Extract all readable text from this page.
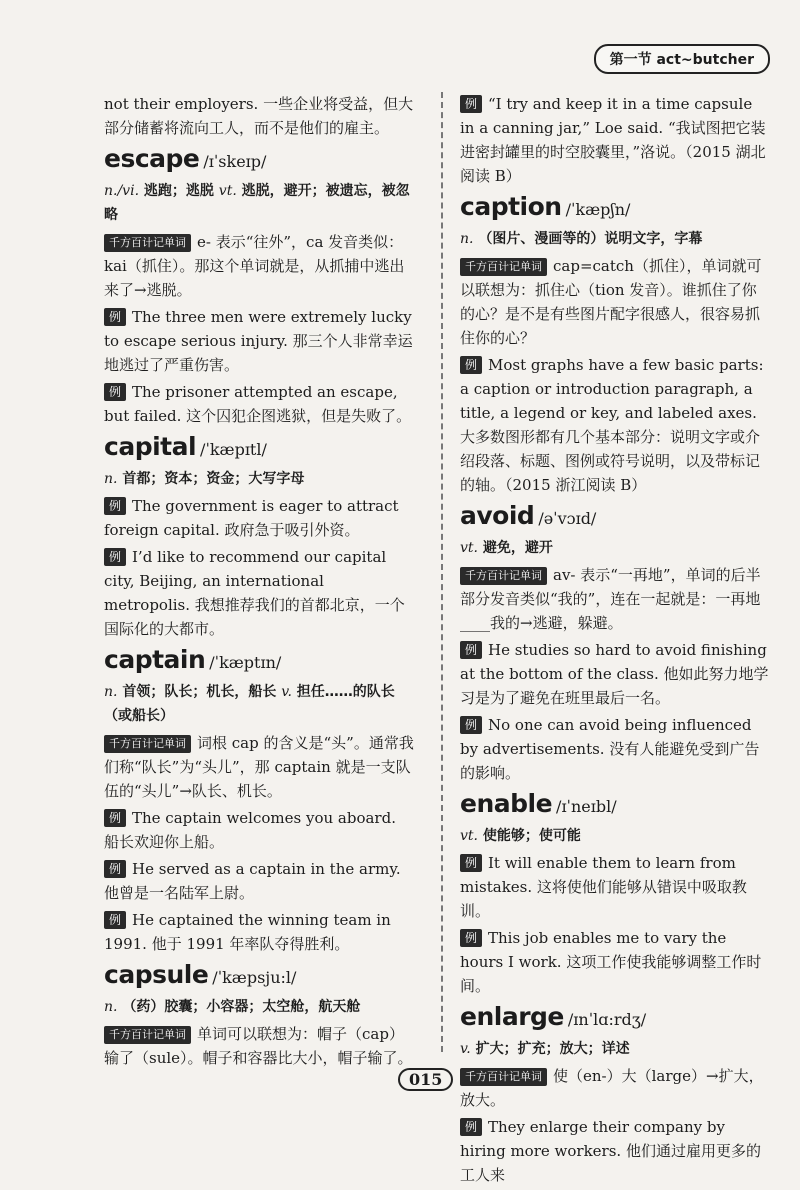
第一节 act~butcher

not their employers. 一些企业将受益，但大部分储蓄将流向工人，而不是他们的雇主。

escape /ɪˈskeɪp/
n./vi. 逃跑；逃脱 vt. 逃脱，避开；被遗忘，被忽略
千方百计记单词 e- 表示“往外”，ca 发音类似：kai（抓住）。那这个单词就是，从抓捕中逃出来了→逃脱。
例 The three men were extremely lucky to escape serious injury. 那三个人非常幸运地逃过了严重伤害。
例 The prisoner attempted an escape, but failed. 这个囚犯企图逃狱，但是失败了。
capital /ˈkæpɪtl/
n. 首都；资本；资金；大写字母
例 The government is eager to attract foreign capital. 政府急于吸引外资。
例 I’d like to recommend our capital city, Beijing, an international metropolis. 我想推荐我们的首都北京，一个国际化的大都市。
captain /ˈkæptɪn/
n. 首领；队长；机长，船长 v. 担任……的队长（或船长）
千方百计记单词 词根 cap 的含义是“头”。通常我们称“队长”为“头儿”，那 captain 就是一支队伍的“头儿”→队长、机长。
例 The captain welcomes you aboard. 船长欢迎你上船。
例 He served as a captain in the army. 他曾是一名陆军上尉。
例 He captained the winning team in 1991. 他于 1991 年率队夺得胜利。
capsule /ˈkæpsju:l/
n. （药）胶囊；小容器；太空舱，航天舱
千方百计记单词 单词可以联想为：帽子（cap）输了（sule）。帽子和容器比大小，帽子输了。
例 “I try and keep it in a time capsule in a canning jar,” Loe said. “我试图把它装进密封罐里的时空胶囊里，”洛说。（2015 湖北阅读 B）
caption /ˈkæpʃn/
n. （图片、漫画等的）说明文字，字幕
千方百计记单词 cap=catch（抓住），单词就可以联想为：抓住心（tion 发音）。谁抓住了你的心？是不是有些图片配字很感人，很容易抓住你的心？
例 Most graphs have a few basic parts: a caption or introduction paragraph, a title, a legend or key, and labeled axes. 大多数图形都有几个基本部分：说明文字或介绍段落、标题、图例或符号说明，以及带标记的轴。（2015 浙江阅读 B）
avoid /əˈvɔɪd/
vt. 避免，避开
千方百计记单词 av- 表示“一再地”，单词的后半部分发音类似“我的”，连在一起就是：一再地____我的→逃避，躲避。
例 He studies so hard to avoid finishing at the bottom of the class. 他如此努力地学习是为了避免在班里最后一名。
例 No one can avoid being influenced by advertisements. 没有人能避免受到广告的影响。
enable /ɪˈneɪbl/
vt. 使能够；使可能
例 It will enable them to learn from mistakes. 这将使他们能够从错误中吸取教训。
例 This job enables me to vary the hours I work. 这项工作使我能够调整工作时间。
enlarge /ɪnˈlɑ:rdʒ/
v. 扩大；扩充；放大；详述
千方百计记单词 使（en-）大（large）→扩大，放大。
例 They enlarge their company by hiring more workers. 他们通过雇用更多的工人来
015
